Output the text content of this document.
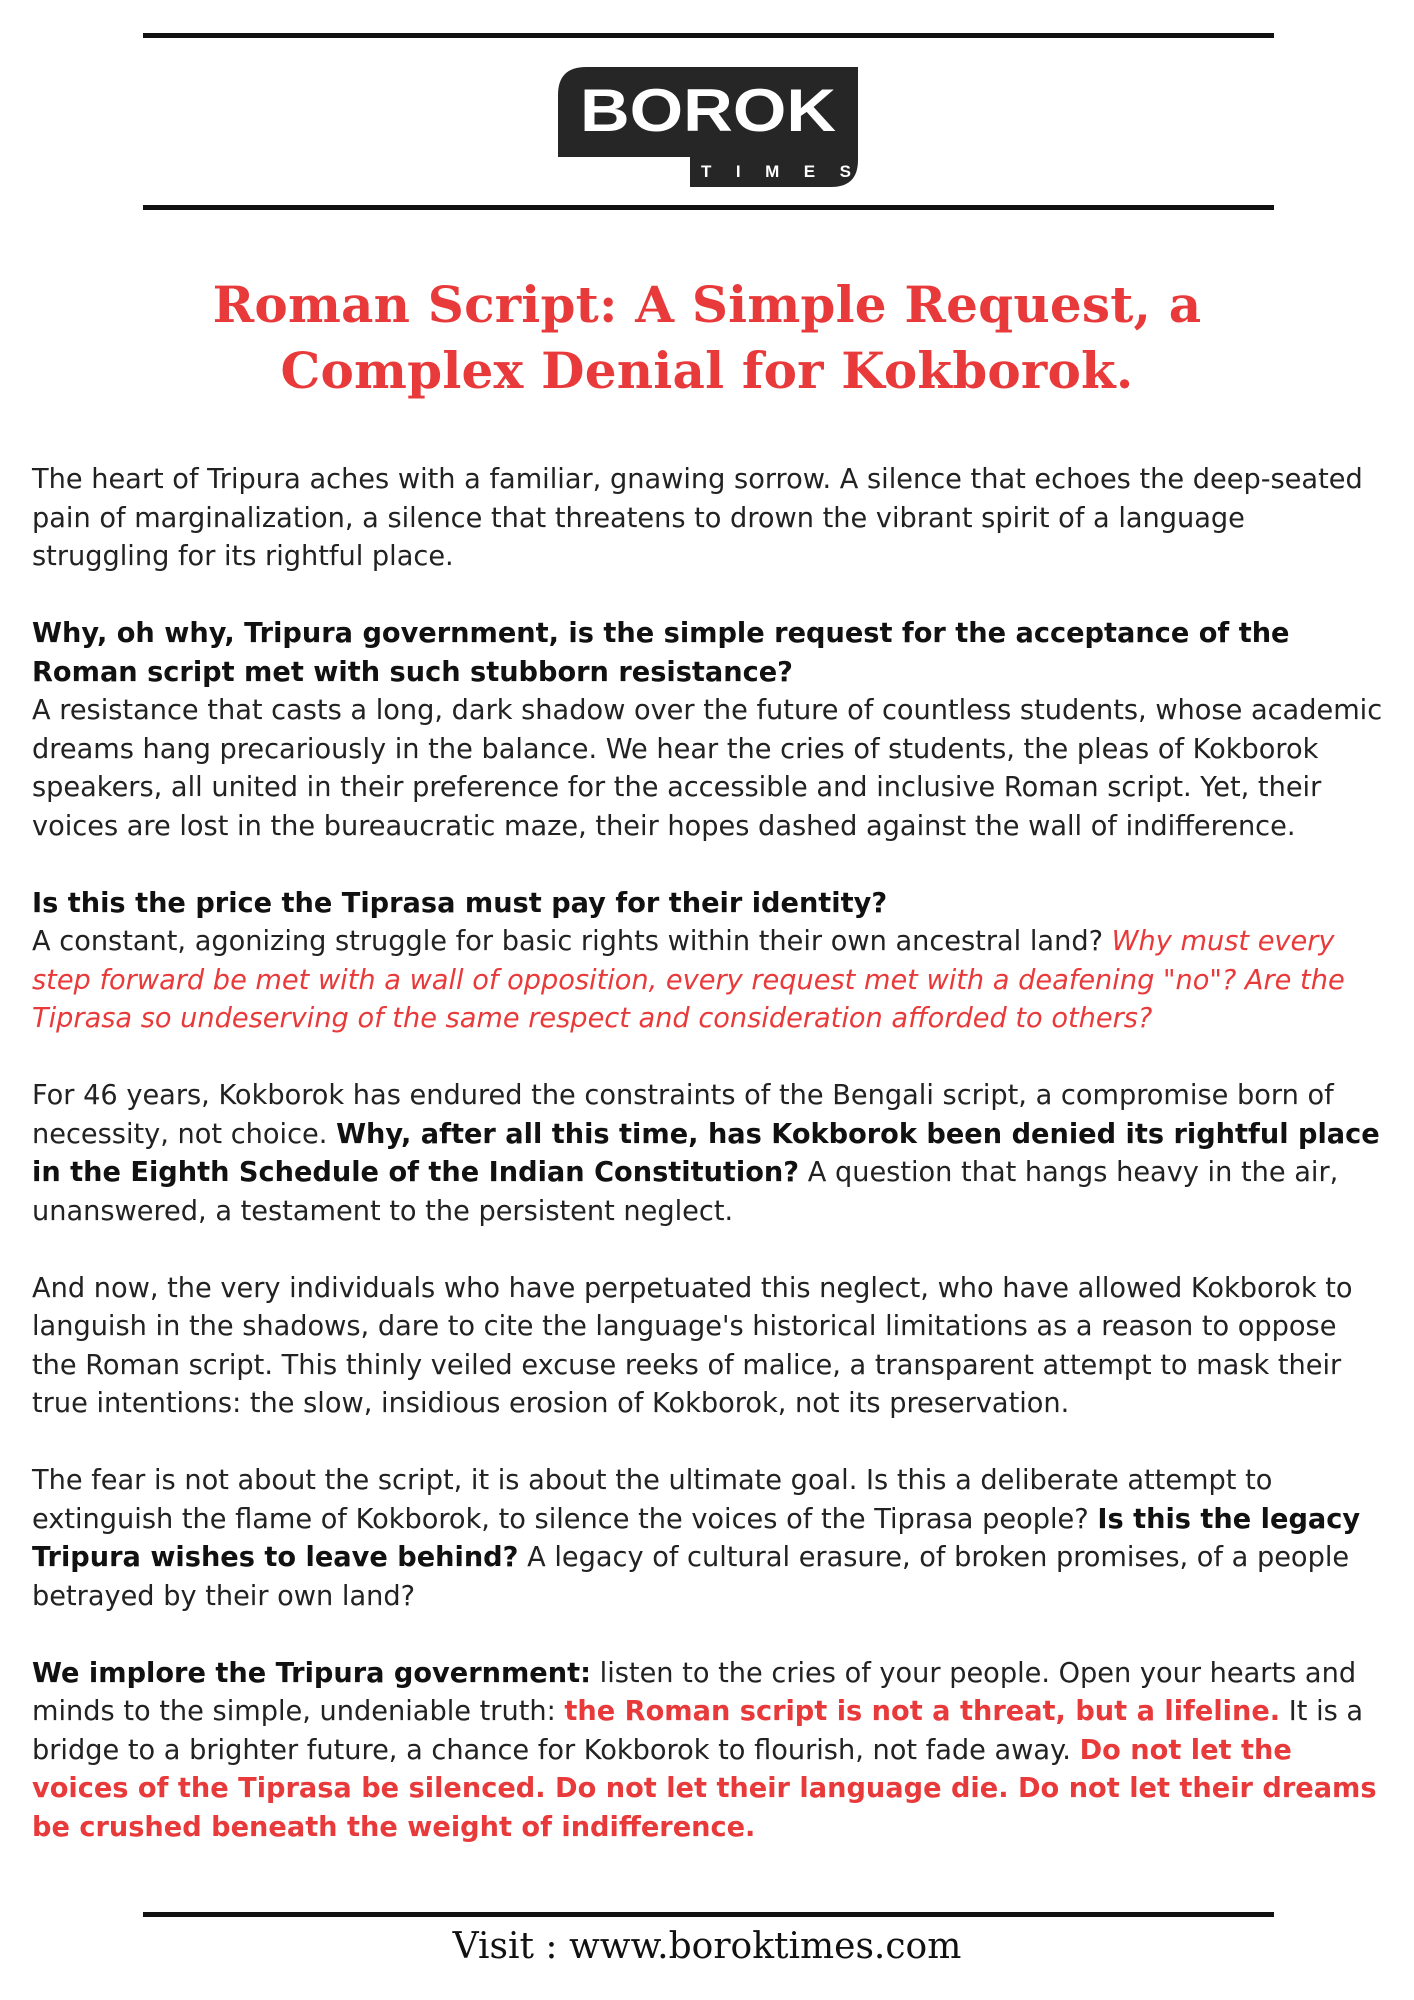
BOROK
TIMES
Roman Script: A Simple Request, a Complex Denial for Kokborok.

The heart of Tripura aches with a familiar, gnawing sorrow. A silence that echoes the deep-seated pain of marginalization, a silence that threatens to drown the vibrant spirit of a language struggling for its rightful place.

Why, oh why, Tripura government, is the simple request for the acceptance of the Roman script met with such stubborn resistance?
A resistance that casts a long, dark shadow over the future of countless students, whose academic dreams hang precariously in the balance. We hear the cries of students, the pleas of Kokborok speakers, all united in their preference for the accessible and inclusive Roman script. Yet, their voices are lost in the bureaucratic maze, their hopes dashed against the wall of indifference.

Is this the price the Tiprasa must pay for their identity?
A constant, agonizing struggle for basic rights within their own ancestral land? Why must every step forward be met with a wall of opposition, every request met with a deafening "no"? Are the Tiprasa so undeserving of the same respect and consideration afforded to others?

For 46 years, Kokborok has endured the constraints of the Bengali script, a compromise born of necessity, not choice. Why, after all this time, has Kokborok been denied its rightful place in the Eighth Schedule of the Indian Constitution? A question that hangs heavy in the air, unanswered, a testament to the persistent neglect.

And now, the very individuals who have perpetuated this neglect, who have allowed Kokborok to languish in the shadows, dare to cite the language's historical limitations as a reason to oppose the Roman script. This thinly veiled excuse reeks of malice, a transparent attempt to mask their true intentions: the slow, insidious erosion of Kokborok, not its preservation.

The fear is not about the script, it is about the ultimate goal. Is this a deliberate attempt to extinguish the flame of Kokborok, to silence the voices of the Tiprasa people? Is this the legacy Tripura wishes to leave behind? A legacy of cultural erasure, of broken promises, of a people betrayed by their own land?

We implore the Tripura government: listen to the cries of your people. Open your hearts and minds to the simple, undeniable truth: the Roman script is not a threat, but a lifeline. It is a bridge to a brighter future, a chance for Kokborok to flourish, not fade away. Do not let the voices of the Tiprasa be silenced. Do not let their language die. Do not let their dreams be crushed beneath the weight of indifference.

Visit : www.boroktimes.com
